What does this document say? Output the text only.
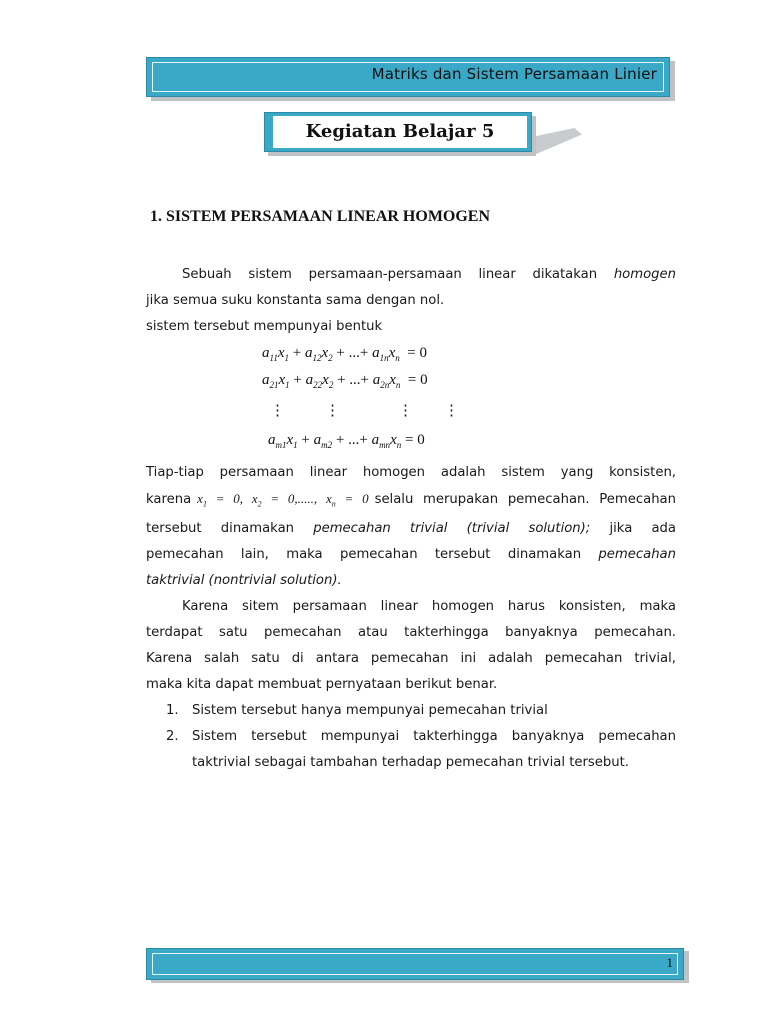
Matriks dan Sistem Persamaan Linier
Kegiatan Belajar 5
1. SISTEM PERSAMAAN LINEAR HOMOGEN

Sebuah sistem persamaan-persamaan linear dikatakan homogen

jika semua suku konstanta sama dengan nol.

sistem tersebut mempunyai bentuk

$a_{11}x_1 + a_{12}x_2$ + ...+ $a_{1n}x_n = 0$
$a_{21}x_1 + a_{22}x_2$ + ...+ $a_{2n}x_n = 0$
⋮	⋮	⋮ ⋮
$a_{m1}x_1 + a_{m2}$ + ...+ $a_{mn}x_n = 0$

Tiap-tiap persamaan linear homogen adalah sistem yang konsisten,

karena $x_1 = 0$, $x_2 = 0$,....., $x_n = 0$ selalu merupakan pemecahan. Pemecahan

tersebut dinamakan pemecahan trivial (trivial solution); jika ada

pemecahan lain, maka pemecahan tersebut dinamakan pemecahan

taktrivial (nontrivial solution).

Karena sitem persamaan linear homogen harus konsisten, maka

terdapat satu pemecahan atau takterhingga banyaknya pemecahan.

Karena salah satu di antara pemecahan ini adalah pemecahan trivial,

maka kita dapat membuat pernyataan berikut benar.

1. Sistem tersebut hanya mempunyai pemecahan trivial
2. Sistem tersebut mempunyai takterhingga banyaknya pemecahan taktrivial sebagai tambahan terhadap pemecahan trivial tersebut.
1
